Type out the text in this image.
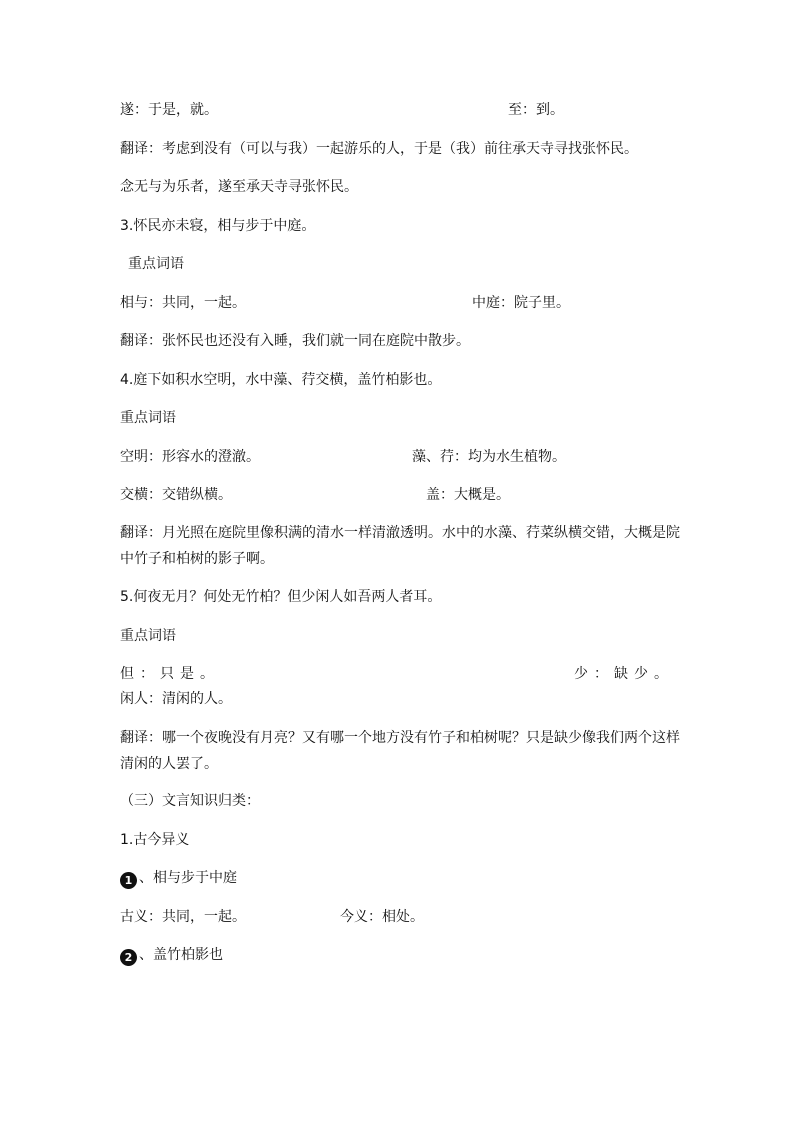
遂：于是，就。	至：到。
翻译：考虑到没有（可以与我）一起游乐的人，于是（我）前往承天寺寻找张怀民。
念无与为乐者，遂至承天寺寻张怀民。
3.怀民亦未寝，相与步于中庭。
重点词语
相与：共同，一起。	中庭：院子里。
翻译：张怀民也还没有入睡，我们就一同在庭院中散步。
4.庭下如积水空明，水中藻、荇交横，盖竹柏影也。
重点词语
空明：形容水的澄澈。	藻、荇：均为水生植物。
交横：交错纵横。	盖：大概是。
翻译：月光照在庭院里像积满的清水一样清澈透明。水中的水藻、荇菜纵横交错，大概是院中竹子和柏树的影子啊。
5.何夜无月？何处无竹柏？但少闲人如吾两人者耳。
重点词语
但：只是。	少：缺少。
闲人：清闲的人。
翻译：哪一个夜晚没有月亮？又有哪一个地方没有竹子和柏树呢？只是缺少像我们两个这样清闲的人罢了。
（三）文言知识归类：
1.古今异义
1 、相与步于中庭
古义：共同，一起。	今义：相处。
2 、盖竹柏影也
